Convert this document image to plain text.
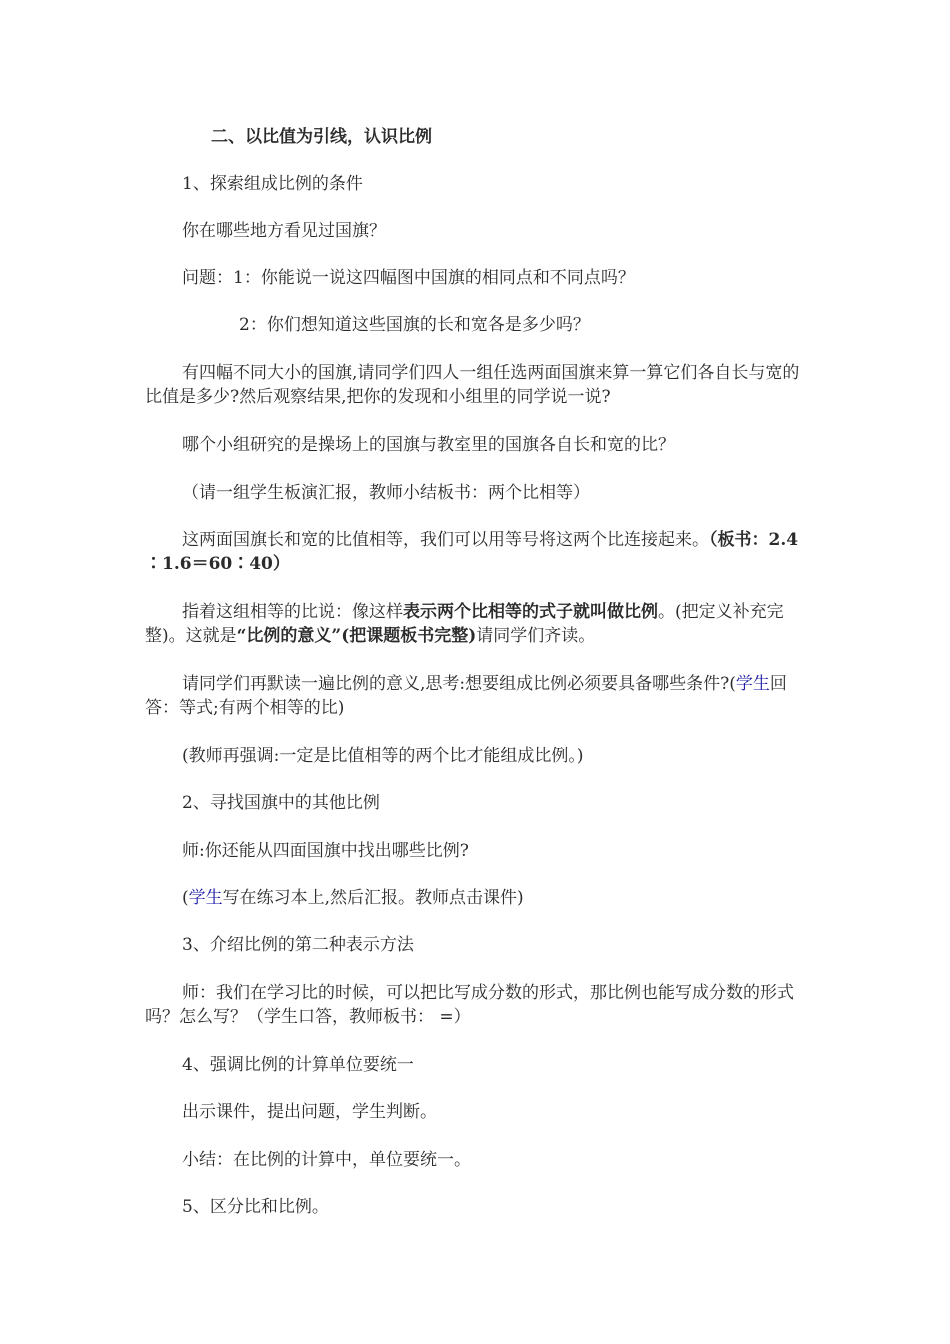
二、以比值为引线，认识比例

1、探索组成比例的条件

你在哪些地方看见过国旗？

问题：1：你能说一说这四幅图中国旗的相同点和不同点吗？

2：你们想知道这些国旗的长和宽各是多少吗？

有四幅不同大小的国旗,请同学们四人一组任选两面国旗来算一算它们各自长与宽的比值是多少?然后观察结果,把你的发现和小组里的同学说一说?

哪个小组研究的是操场上的国旗与教室里的国旗各自长和宽的比？

（请一组学生板演汇报，教师小结板书：两个比相等）

这两面国旗长和宽的比值相等，我们可以用等号将这两个比连接起来。（板书：2.4∶1.6＝60∶40）

指着这组相等的比说：像这样表示两个比相等的式子就叫做比例。(把定义补充完整)。这就是“比例的意义”(把课题板书完整)请同学们齐读。

请同学们再默读一遍比例的意义,思考:想要组成比例必须要具备哪些条件?(学生回答：等式;有两个相等的比)

(教师再强调:一定是比值相等的两个比才能组成比例。)

2、寻找国旗中的其他比例

师:你还能从四面国旗中找出哪些比例?

(学生写在练习本上,然后汇报。教师点击课件)

3、介绍比例的第二种表示方法

师：我们在学习比的时候，可以把比写成分数的形式，那比例也能写成分数的形式吗？怎么写？（学生口答，教师板书： =）

4、强调比例的计算单位要统一

出示课件，提出问题，学生判断。

小结：在比例的计算中，单位要统一。

5、区分比和比例。
